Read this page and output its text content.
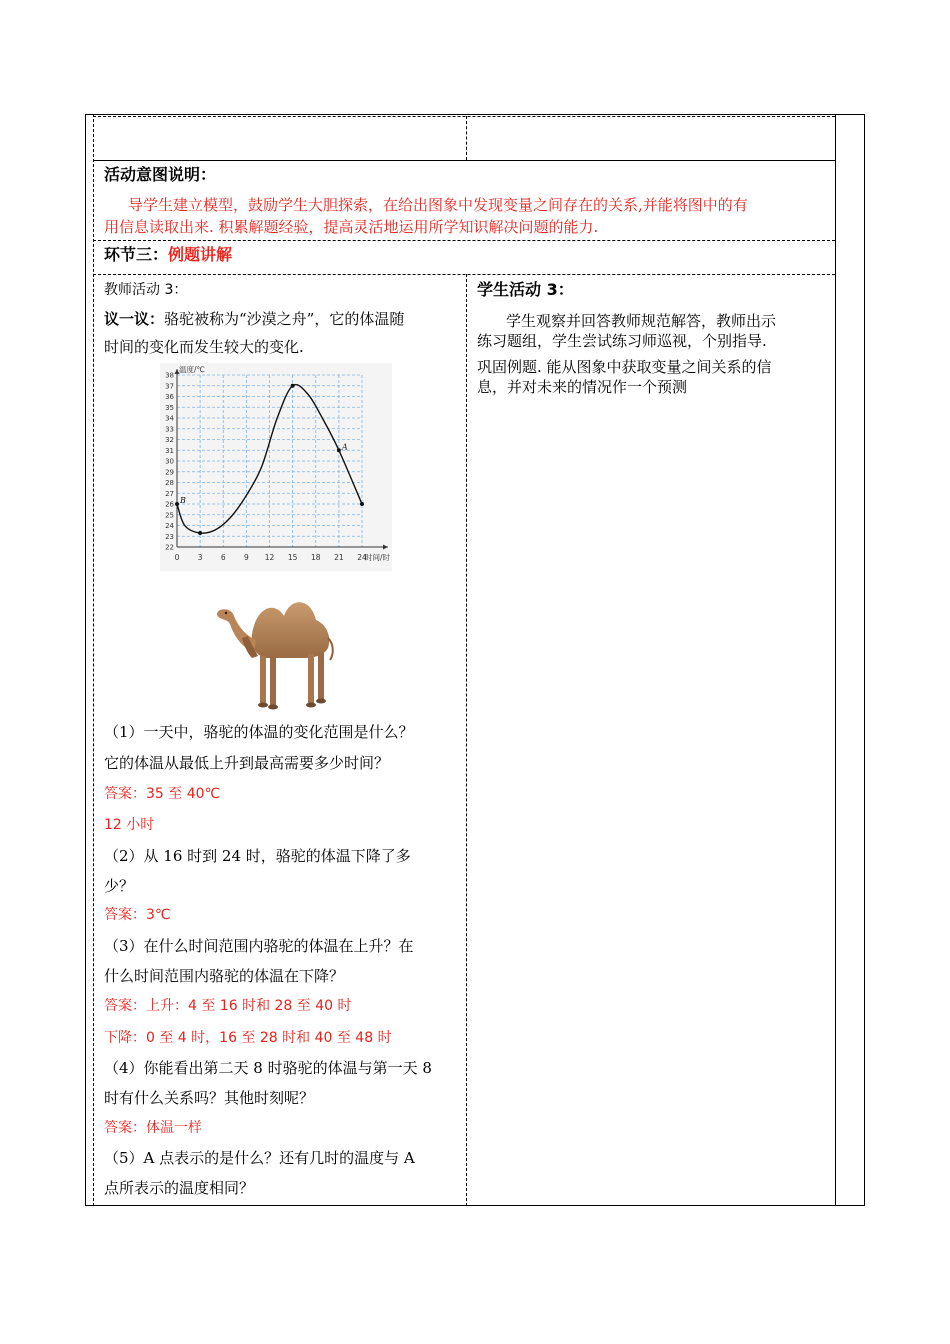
活动意图说明：
导学生建立模型，鼓励学生大胆探索，在给出图象中发现变量之间存在的关系,并能将图中的有
用信息读取出来. 积累解题经验，提高灵活地运用所学知识解决问题的能力.
环节三：例题讲解
教师活动 3：
议一议：骆驼被称为“沙漠之舟”，它的体温随
时间的变化而发生较大的变化.
0 3 6 9 12 15 18 21 24
22
23
24
25
26
27
28
29
30
31
32
33
34
35
36
37
38
温度/℃
时间/时
B
A
（1）一天中，骆驼的体温的变化范围是什么？
它的体温从最低上升到最高需要多少时间？
答案：35 至 40℃
12 小时
（2）从 16 时到 24 时，骆驼的体温下降了多
少？
答案：3℃
（3）在什么时间范围内骆驼的体温在上升？在
什么时间范围内骆驼的体温在下降？
答案：上升：4 至 16 时和 28 至 40 时
下降：0 至 4 时，16 至 28 时和 40 至 48 时
（4）你能看出第二天 8 时骆驼的体温与第一天 8
时有什么关系吗？其他时刻呢？
答案：体温一样
（5）A 点表示的是什么？还有几时的温度与 A
点所表示的温度相同？
学生活动 3：
学生观察并回答教师规范解答，教师出示
练习题组，学生尝试练习师巡视，个别指导.
巩固例题. 能从图象中获取变量之间关系的信
息，并对未来的情况作一个预测
